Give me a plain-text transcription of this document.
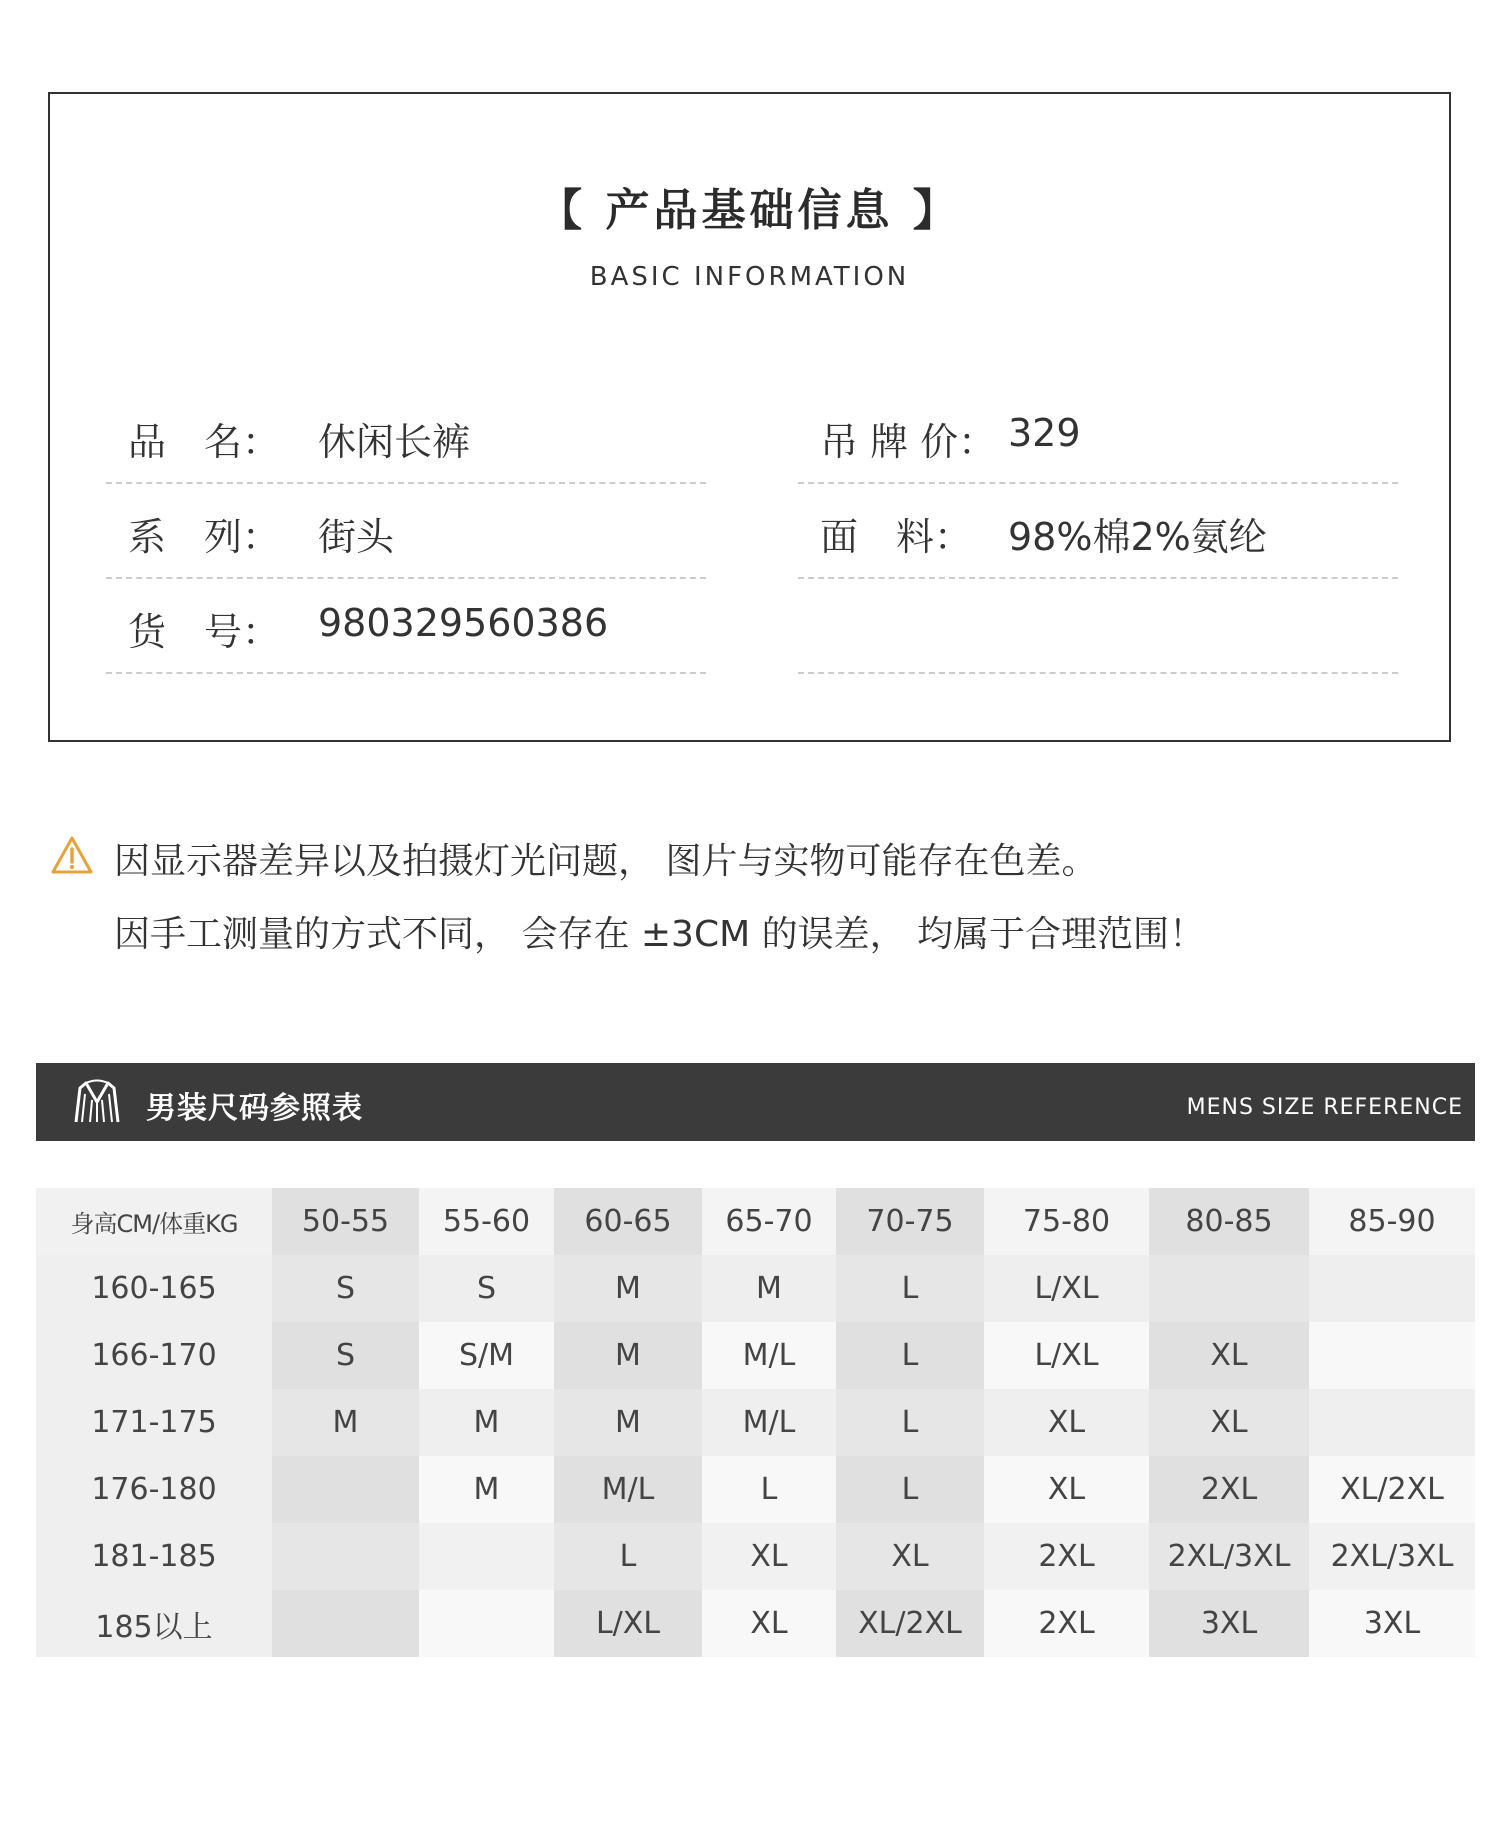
【 产品基础信息 】
BASIC INFORMATION
品　名： 休闲长裤
系　列： 街头
货　号： 980329560386
吊 牌 价： 329
面　料： 98%棉2%氨纶
因显示器差异以及拍摄灯光问题， 图片与实物可能存在色差。
因手工测量的方式不同， 会存在 ±3CM 的误差， 均属于合理范围！
男装尺码参照表	MENS SIZE REFERENCE
身高CM/体重KG	50-55	55-60	60-65	65-70	70-75	75-80	80-85	85-90
160-165	S	S	M	M	L	L/XL		
166-170	S	S/M	M	M/L	L	L/XL	XL	
171-175	M	M	M	M/L	L	XL	XL	
176-180		M	M/L	L	L	XL	2XL	XL/2XL
181-185			L	XL	XL	2XL	2XL/3XL	2XL/3XL
185以上			L/XL	XL	XL/2XL	2XL	3XL	3XL
